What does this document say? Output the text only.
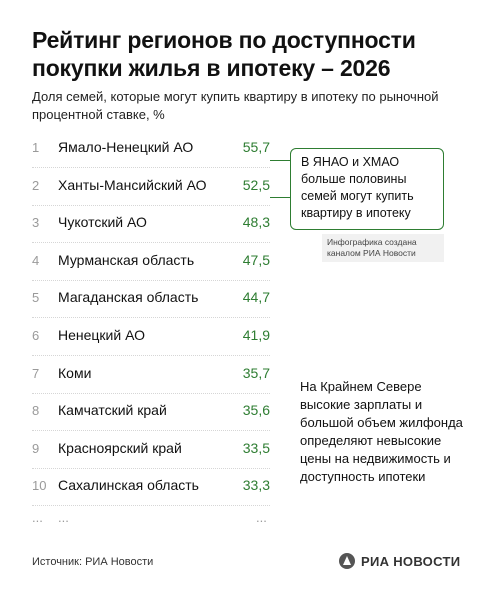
Рейтинг регионов по доступности покупки жилья в ипотеку – 2026
Доля семей, которые могут купить квартиру в ипотеку по рыночной процентной ставке, %
1 Ямало-Ненецкий АО	55,7
2 Ханты-Мансийский АО	52,5
3 Чукотский АО	48,3
4 Мурманская область	47,5
5 Магаданская область	44,7
6 Ненецкий АО	41,9
7 Коми	35,7
8 Камчатский край	35,6
9 Красноярский край	33,5
10 Сахалинская область	33,3
... ...	...
В ЯНАО и ХМАО больше половины семей могут купить квартиру в ипотеку
Инфографика создана каналом РИА Новости
На Крайнем Севере высокие зарплаты и большой объем жилфонда определяют невысокие цены на недвижимость и доступность ипотеки
Источник: РИА Новости	РИА НОВОСТИ
